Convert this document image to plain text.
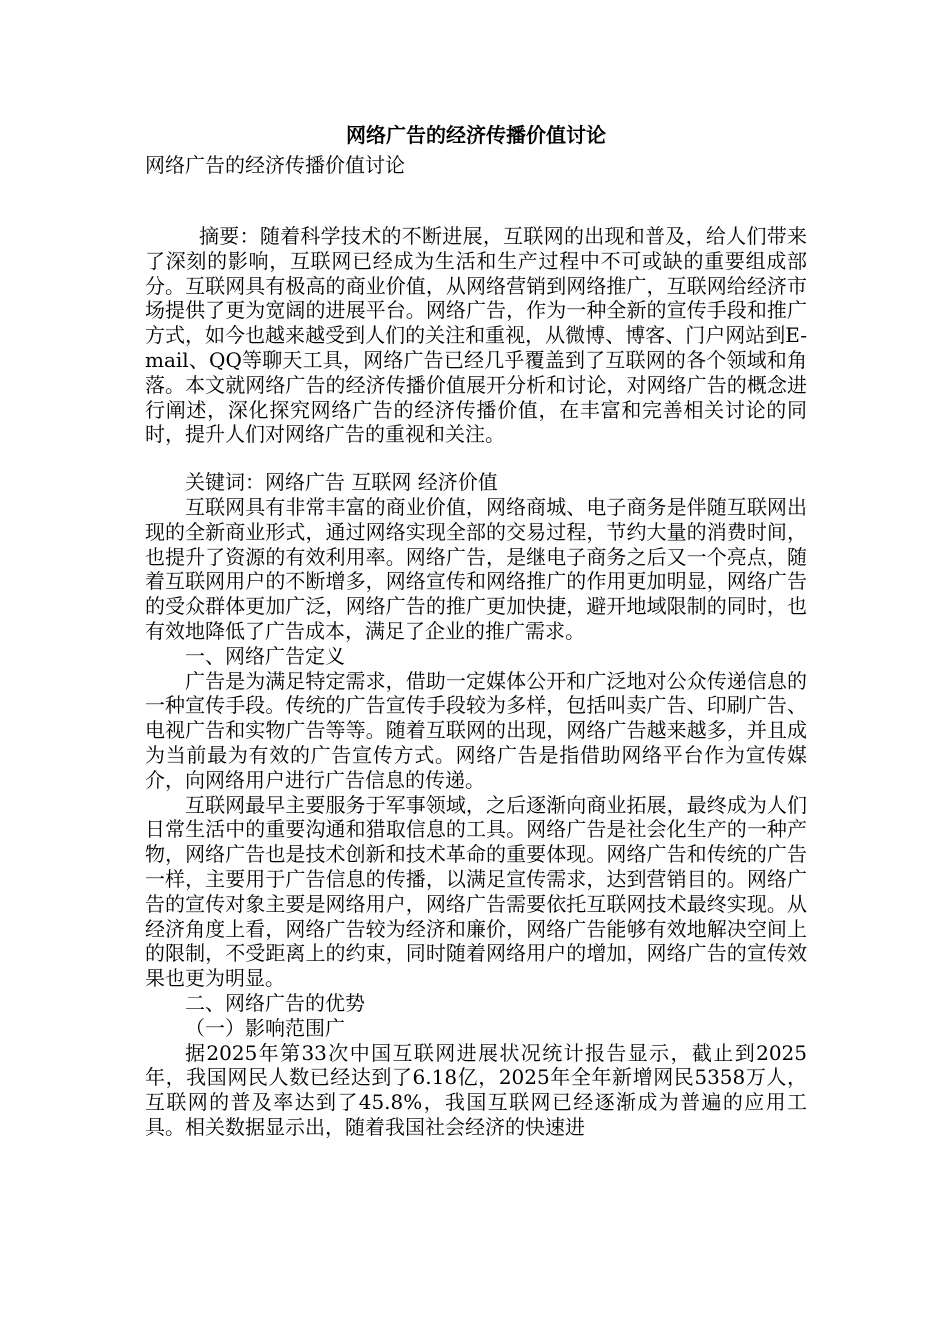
网络广告的经济传播价值讨论
网络广告的经济传播价值讨论

摘要：随着科学技术的不断进展，互联网的出现和普及，给人们带来了深刻的影响，互联网已经成为生活和生产过程中不可或缺的重要组成部分。互联网具有极高的商业价值，从网络营销到网络推广，互联网给经济市场提供了更为宽阔的进展平台。网络广告，作为一种全新的宣传手段和推广方式，如今也越来越受到人们的关注和重视，从微博、博客、门户网站到E-mail、QQ等聊天工具，网络广告已经几乎覆盖到了互联网的各个领域和角落。本文就网络广告的经济传播价值展开分析和讨论，对网络广告的概念进行阐述，深化探究网络广告的经济传播价值，在丰富和完善相关讨论的同时，提升人们对网络广告的重视和关注。

关键词：网络广告 互联网 经济价值

互联网具有非常丰富的商业价值，网络商城、电子商务是伴随互联网出现的全新商业形式，通过网络实现全部的交易过程，节约大量的消费时间，也提升了资源的有效利用率。网络广告，是继电子商务之后又一个亮点，随着互联网用户的不断增多，网络宣传和网络推广的作用更加明显，网络广告的受众群体更加广泛，网络广告的推广更加快捷，避开地域限制的同时，也有效地降低了广告成本，满足了企业的推广需求。

一、网络广告定义

广告是为满足特定需求，借助一定媒体公开和广泛地对公众传递信息的一种宣传手段。传统的广告宣传手段较为多样，包括叫卖广告、印刷广告、电视广告和实物广告等等。随着互联网的出现，网络广告越来越多，并且成为当前最为有效的广告宣传方式。网络广告是指借助网络平台作为宣传媒介，向网络用户进行广告信息的传递。

互联网最早主要服务于军事领域，之后逐渐向商业拓展，最终成为人们日常生活中的重要沟通和猎取信息的工具。网络广告是社会化生产的一种产物，网络广告也是技术创新和技术革命的重要体现。网络广告和传统的广告一样，主要用于广告信息的传播，以满足宣传需求，达到营销目的。网络广告的宣传对象主要是网络用户，网络广告需要依托互联网技术最终实现。从经济角度上看，网络广告较为经济和廉价，网络广告能够有效地解决空间上的限制，不受距离上的约束，同时随着网络用户的增加，网络广告的宣传效果也更为明显。

二、网络广告的优势

（一）影响范围广

据2025年第33次中国互联网进展状况统计报告显示，截止到2025年，我国网民人数已经达到了6.18亿，2025年全年新增网民5358万人，互联网的普及率达到了45.8%，我国互联网已经逐渐成为普遍的应用工具。相关数据显示出，随着我国社会经济的快速进
